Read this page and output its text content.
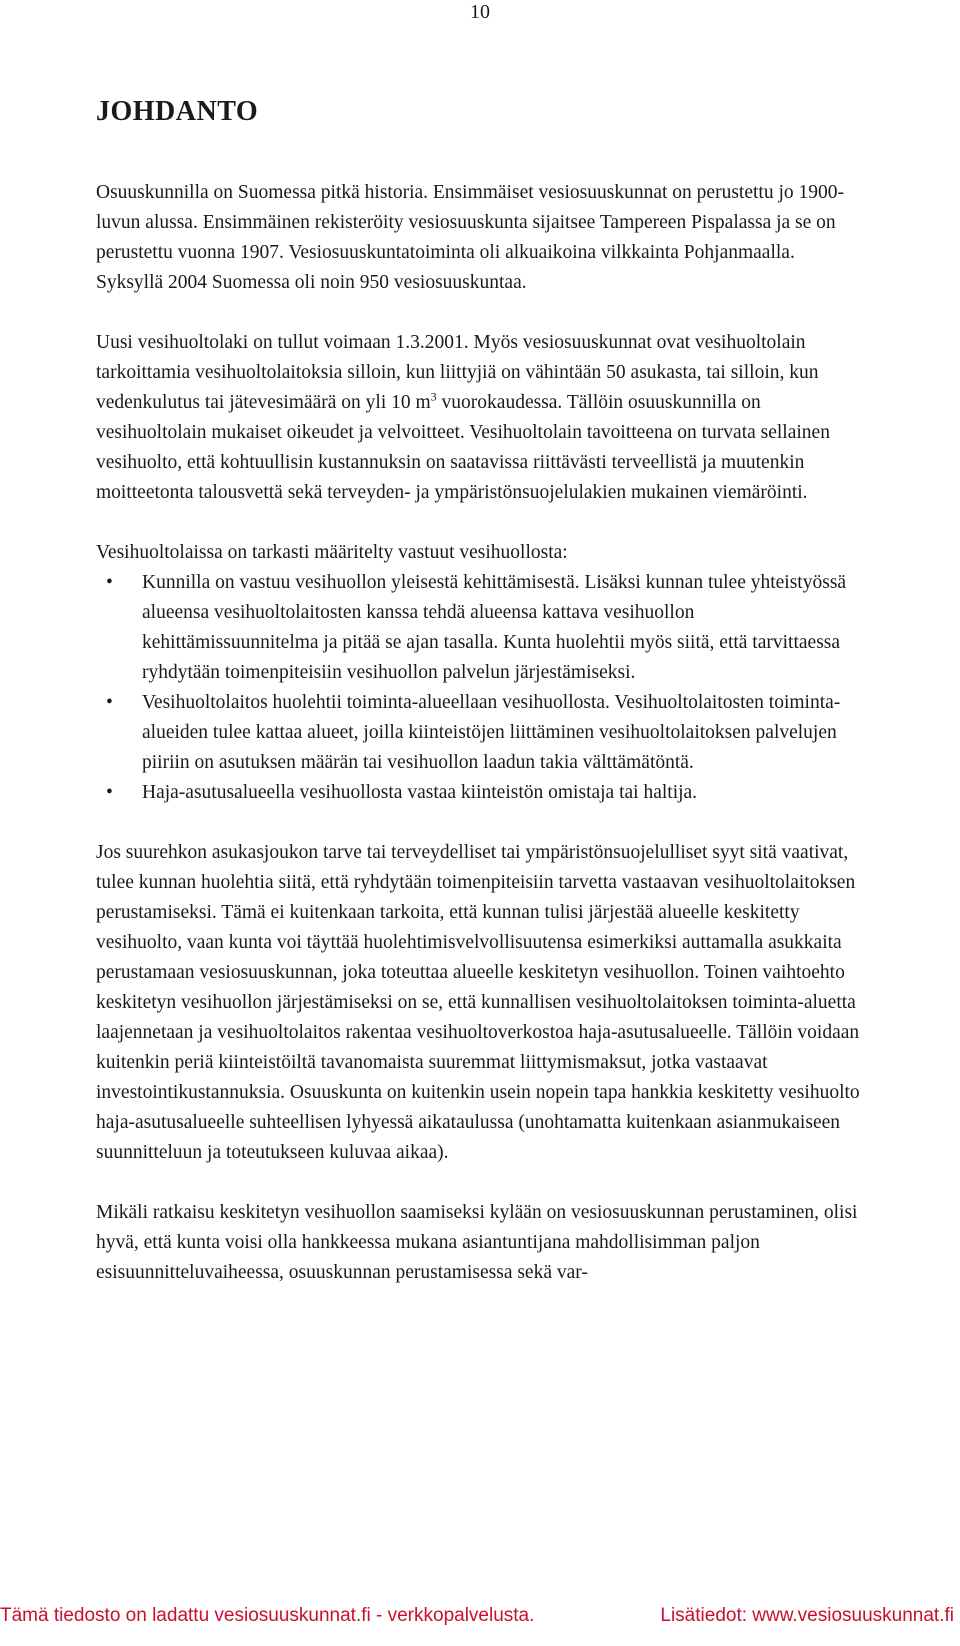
10
JOHDANTO

Osuuskunnilla on Suomessa pitkä historia. Ensimmäiset vesiosuuskunnat on perustettu jo 1900-luvun alussa. Ensimmäinen rekisteröity vesiosuuskunta sijaitsee Tampereen Pispalassa ja se on perustettu vuonna 1907. Vesiosuuskuntatoiminta oli alkuaikoina vilkkainta Pohjanmaalla. Syksyllä 2004 Suomessa oli noin 950 vesiosuuskuntaa.

Uusi vesihuoltolaki on tullut voimaan 1.3.2001. Myös vesiosuuskunnat ovat vesihuoltolain tarkoittamia vesihuoltolaitoksia silloin, kun liittyjiä on vähintään 50 asukasta, tai silloin, kun vedenkulutus tai jätevesimäärä on yli 10 $m^3$ vuorokaudessa. Tällöin osuuskunnilla on vesihuoltolain mukaiset oikeudet ja velvoitteet. Vesihuoltolain tavoitteena on turvata sellainen vesihuolto, että kohtuullisin kustannuksin on saatavissa riittävästi terveellistä ja muutenkin moitteetonta talousvettä sekä terveyden- ja ympäristönsuojelulakien mukainen viemäröinti.

Vesihuoltolaissa on tarkasti määritelty vastuut vesihuollosta:

• Kunnilla on vastuu vesihuollon yleisestä kehittämisestä. Lisäksi kunnan tulee yhteistyössä alueensa vesihuoltolaitosten kanssa tehdä alueensa kattava vesihuollon kehittämissuunnitelma ja pitää se ajan tasalla. Kunta huolehtii myös siitä, että tarvittaessa ryhdytään toimenpiteisiin vesihuollon palvelun järjestämiseksi.
• Vesihuoltolaitos huolehtii toiminta-alueellaan vesihuollosta. Vesihuoltolaitosten toiminta-alueiden tulee kattaa alueet, joilla kiinteistöjen liittäminen vesihuoltolaitoksen palvelujen piiriin on asutuksen määrän tai vesihuollon laadun takia välttämätöntä.
• Haja-asutusalueella vesihuollosta vastaa kiinteistön omistaja tai haltija.

Jos suurehkon asukasjoukon tarve tai terveydelliset tai ympäristönsuojelulliset syyt sitä vaativat, tulee kunnan huolehtia siitä, että ryhdytään toimenpiteisiin tarvetta vastaavan vesihuoltolaitoksen perustamiseksi. Tämä ei kuitenkaan tarkoita, että kunnan tulisi järjestää alueelle keskitetty vesihuolto, vaan kunta voi täyttää huolehtimisvelvollisuutensa esimerkiksi auttamalla asukkaita perustamaan vesiosuuskunnan, joka toteuttaa alueelle keskitetyn vesihuollon. Toinen vaihtoehto keskitetyn vesihuollon järjestämiseksi on se, että kunnallisen vesihuoltolaitoksen toiminta-aluetta laajennetaan ja vesihuoltolaitos rakentaa vesihuoltoverkostoa haja-asutusalueelle. Tällöin voidaan kuitenkin periä kiinteistöiltä tavanomaista suuremmat liittymismaksut, jotka vastaavat investointikustannuksia. Osuuskunta on kuitenkin usein nopein tapa hankkia keskitetty vesihuolto haja-asutusalueelle suhteellisen lyhyessä aikataulussa (unohtamatta kuitenkaan asianmukaiseen suunnitteluun ja toteutukseen kuluvaa aikaa).

Mikäli ratkaisu keskitetyn vesihuollon saamiseksi kylään on vesiosuuskunnan perustaminen, olisi hyvä, että kunta voisi olla hankkeessa mukana asiantuntijana mahdollisimman paljon esisuunnitteluvaiheessa, osuuskunnan perustamisessa sekä var-

Tämä tiedosto on ladattu vesiosuuskunnat.fi - verkkopalvelusta.	Lisätiedot: www.vesiosuuskunnat.fi
